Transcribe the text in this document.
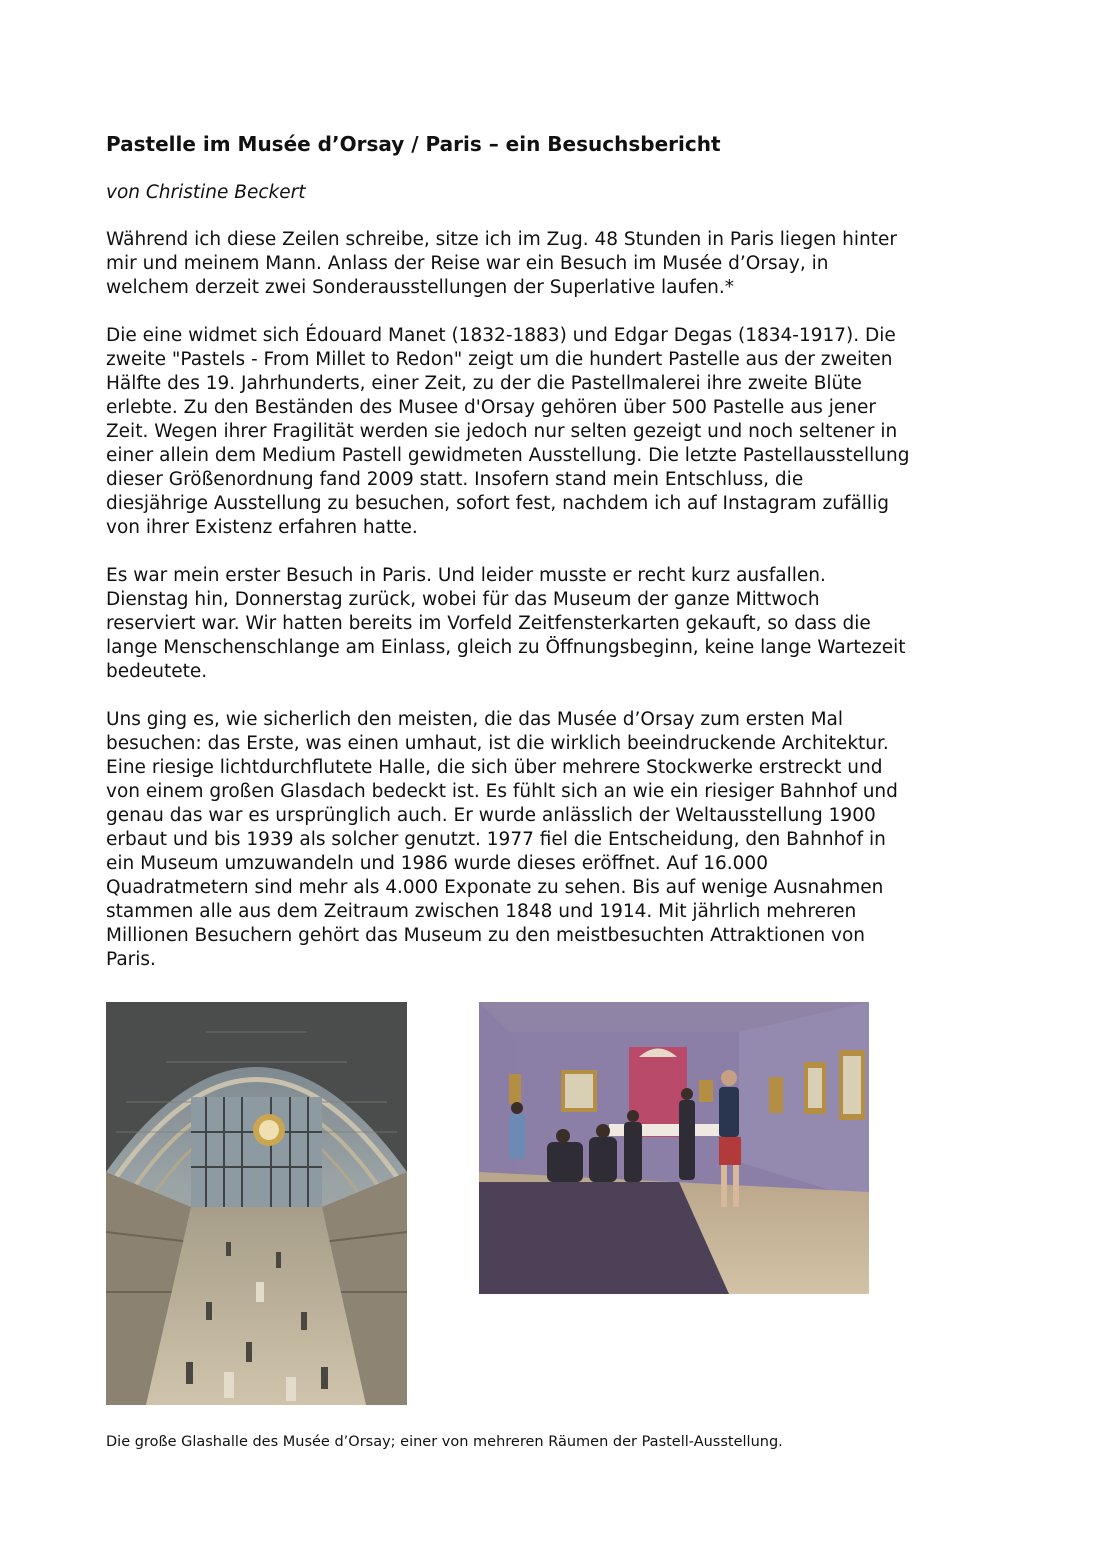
Pastelle im Musée d’Orsay / Paris – ein Besuchsbericht

von Christine Beckert

Während ich diese Zeilen schreibe, sitze ich im Zug. 48 Stunden in Paris liegen hinter
mir und meinem Mann. Anlass der Reise war ein Besuch im Musée d’Orsay, in
welchem derzeit zwei Sonderausstellungen der Superlative laufen.*

Die eine widmet sich Édouard Manet (1832-1883) und Edgar Degas (1834-1917). Die
zweite "Pastels - From Millet to Redon" zeigt um die hundert Pastelle aus der zweiten
Hälfte des 19. Jahrhunderts, einer Zeit, zu der die Pastellmalerei ihre zweite Blüte
erlebte. Zu den Beständen des Musee d'Orsay gehören über 500 Pastelle aus jener
Zeit. Wegen ihrer Fragilität werden sie jedoch nur selten gezeigt und noch seltener in
einer allein dem Medium Pastell gewidmeten Ausstellung. Die letzte Pastellausstellung
dieser Größenordnung fand 2009 statt. Insofern stand mein Entschluss, die
diesjährige Ausstellung zu besuchen, sofort fest, nachdem ich auf Instagram zufällig
von ihrer Existenz erfahren hatte.

Es war mein erster Besuch in Paris. Und leider musste er recht kurz ausfallen.
Dienstag hin, Donnerstag zurück, wobei für das Museum der ganze Mittwoch
reserviert war. Wir hatten bereits im Vorfeld Zeitfensterkarten gekauft, so dass die
lange Menschenschlange am Einlass, gleich zu Öffnungsbeginn, keine lange Wartezeit
bedeutete.

Uns ging es, wie sicherlich den meisten, die das Musée d’Orsay zum ersten Mal
besuchen: das Erste, was einen umhaut, ist die wirklich beeindruckende Architektur.
Eine riesige lichtdurchflutete Halle, die sich über mehrere Stockwerke erstreckt und
von einem großen Glasdach bedeckt ist. Es fühlt sich an wie ein riesiger Bahnhof und
genau das war es ursprünglich auch. Er wurde anlässlich der Weltausstellung 1900
erbaut und bis 1939 als solcher genutzt. 1977 fiel die Entscheidung, den Bahnhof in
ein Museum umzuwandeln und 1986 wurde dieses eröffnet. Auf 16.000
Quadratmetern sind mehr als 4.000 Exponate zu sehen. Bis auf wenige Ausnahmen
stammen alle aus dem Zeitraum zwischen 1848 und 1914. Mit jährlich mehreren
Millionen Besuchern gehört das Museum zu den meistbesuchten Attraktionen von
Paris.

Die große Glashalle des Musée d’Orsay; einer von mehreren Räumen der Pastell-Ausstellung.
